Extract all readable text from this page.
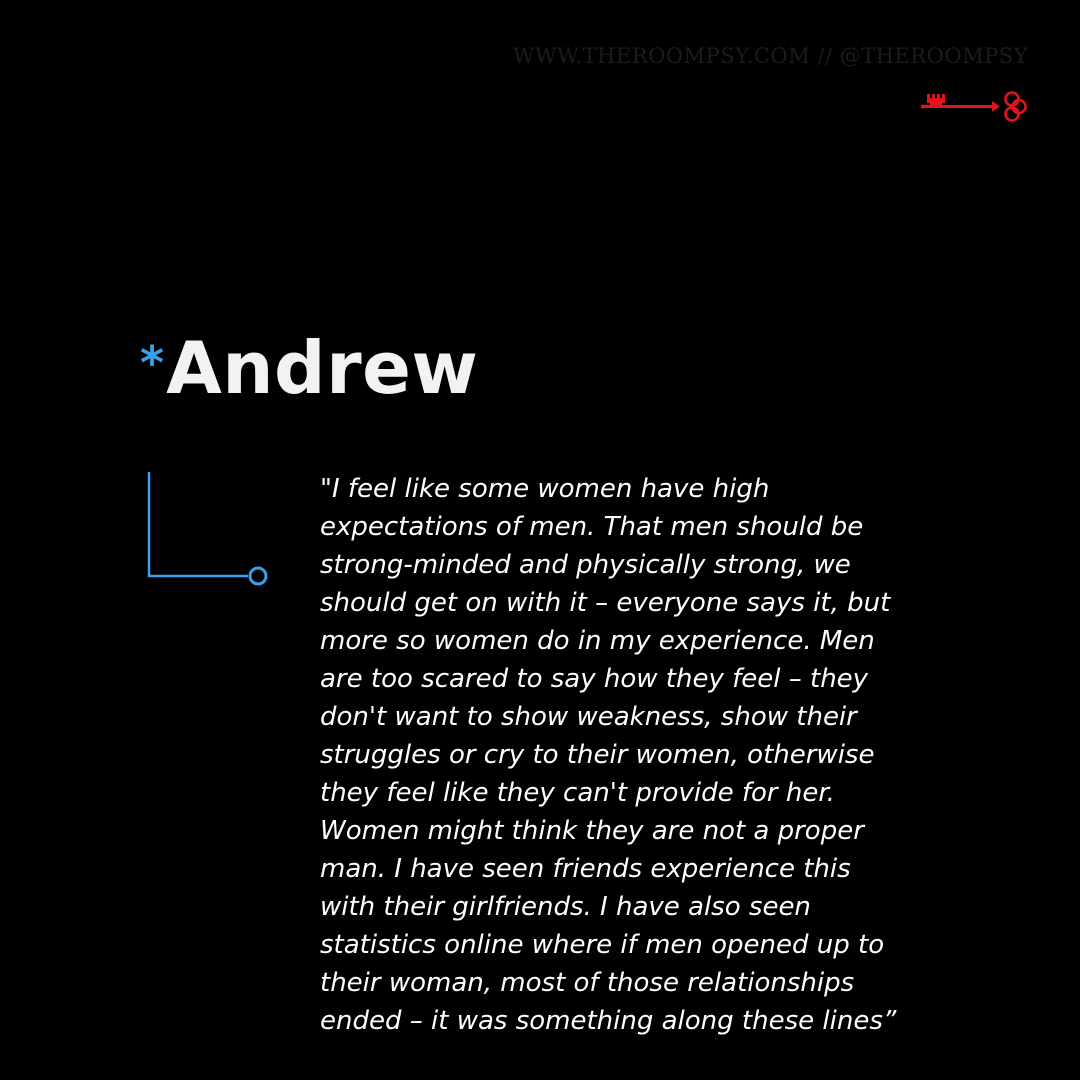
WWW.THEROOMPSY.COM // @THEROOMPSY
* Andrew

"I feel like some women have high
expectations of men. That men should be
strong-minded and physically strong, we
should get on with it – everyone says it, but
more so women do in my experience. Men
are too scared to say how they feel – they
don't want to show weakness, show their
struggles or cry to their women, otherwise
they feel like they can't provide for her.
Women might think they are not a proper
man. I have seen friends experience this
with their girlfriends. I have also seen
statistics online where if men opened up to
their woman, most of those relationships
ended – it was something along these lines”
